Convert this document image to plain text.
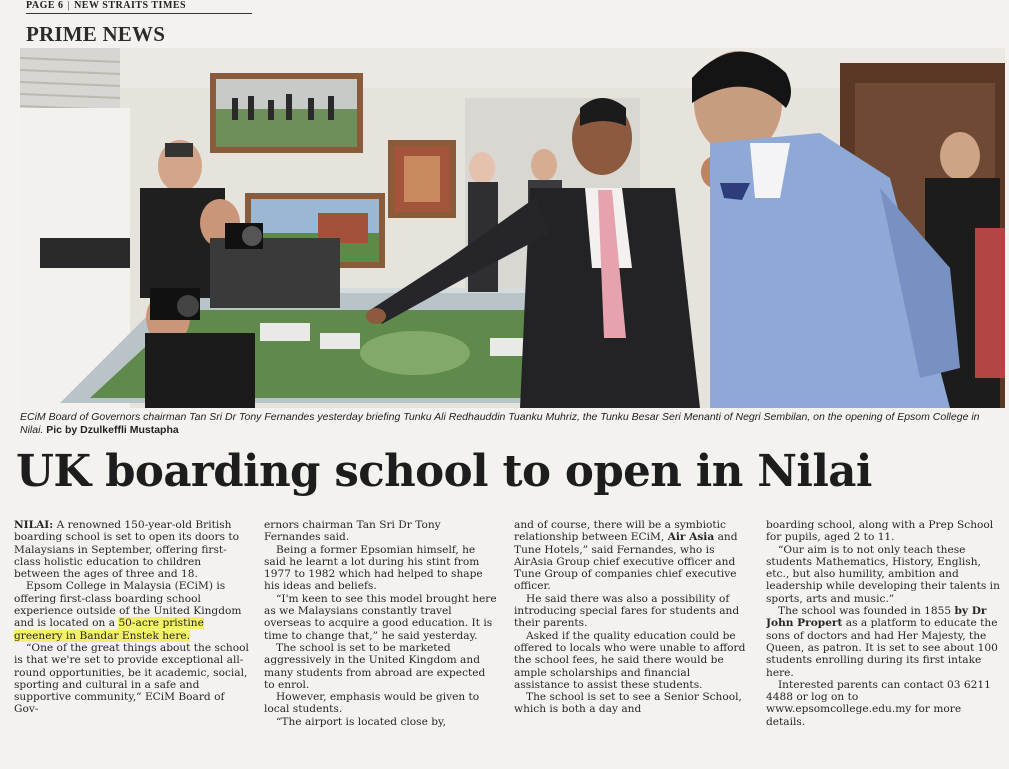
PAGE 6 | NEW STRAITS TIMES
PRIME NEWS
ECiM Board of Governors chairman Tan Sri Dr Tony Fernandes yesterday briefing Tunku Ali Redhauddin Tuanku Muhriz, the Tunku Besar Seri Menanti of Negri Sembilan, on the opening of Epsom College in Nilai. Pic by Dzulkeffli Mustapha
UK boarding school to open in Nilai

NILAI: A renowned 150-year-old British boarding school is set to open its doors to Malaysians in September, offering first-class holistic education to children between the ages of three and 18.

Epsom College in Malaysia (ECiM) is offering first-class boarding school experience outside of the United Kingdom and is located on a 50-acre pristine greenery in Bandar Enstek here.

“One of the great things about the school is that we're set to provide exceptional all-round opportunities, be it academic, social, sporting and cultural in a safe and supportive community,” ECiM Board of Gov-

ernors chairman Tan Sri Dr Tony Fernandes said.

Being a former Epsomian himself, he said he learnt a lot during his stint from 1977 to 1982 which had helped to shape his ideas and beliefs.

“I'm keen to see this model brought here as we Malaysians constantly travel overseas to acquire a good education. It is time to change that,” he said yesterday.

The school is set to be marketed aggressively in the United Kingdom and many students from abroad are expected to enrol.

However, emphasis would be given to local students.

“The airport is located close by,

and of course, there will be a symbiotic relationship between ECiM, Air Asia and Tune Hotels,” said Fernandes, who is AirAsia Group chief executive officer and Tune Group of companies chief executive officer.

He said there was also a possibility of introducing special fares for students and their parents.

Asked if the quality education could be offered to locals who were unable to afford the school fees, he said there would be ample scholarships and financial assistance to assist these students.

The school is set to see a Senior School, which is both a day and

boarding school, along with a Prep School for pupils, aged 2 to 11.

“Our aim is to not only teach these students Mathematics, History, English, etc., but also humility, ambition and leadership while developing their talents in sports, arts and music.”

The school was founded in 1855 by Dr John Propert as a platform to educate the sons of doctors and had Her Majesty, the Queen, as patron. It is set to see about 100 students enrolling during its first intake here.

Interested parents can contact 03 6211 4488 or log on to www.epsomcollege.edu.my for more details.
